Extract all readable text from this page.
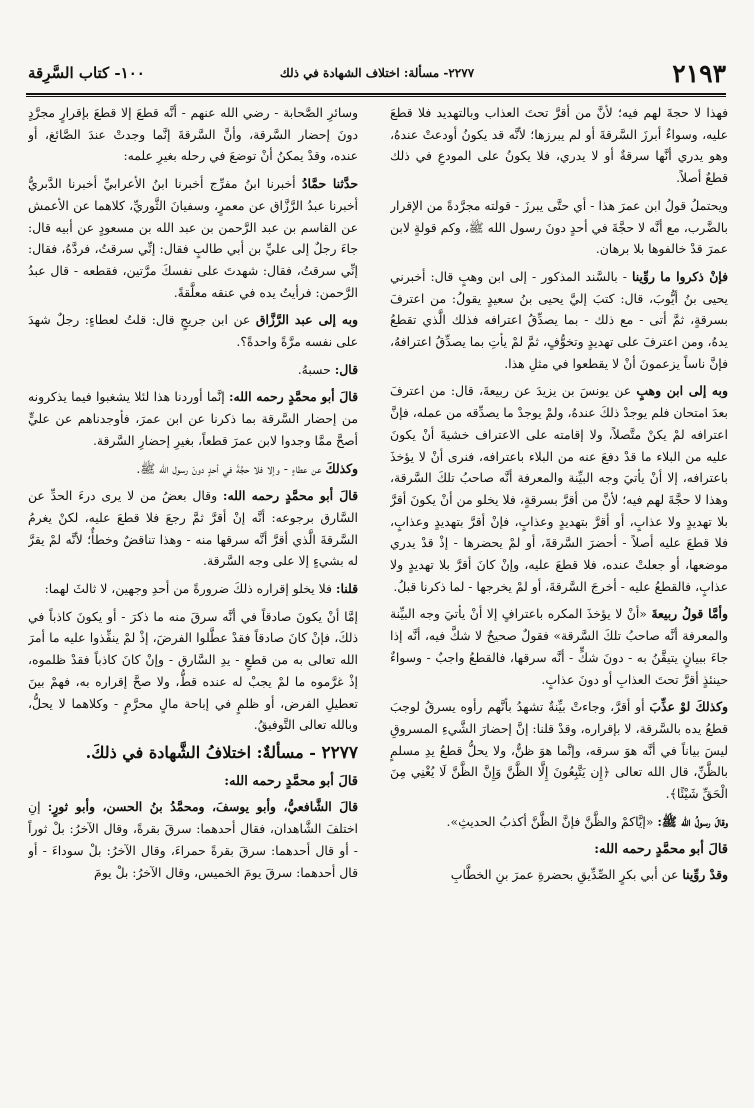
٢١٩٣
٢٢٧٧- مسألة: اختلاف الشهادة في ذلك
١٠٠- كتاب السَّرِقة

فهذا لا حجةَ لهم فيه؛ لأنَّ من أقرَّ تحتَ العذاب وبالتهديد فلا قطعَ عليه، وسواءٌ أبرزَ السَّرقةَ أو لم يبرزها؛ لأنَّه قد يكونُ أودعتْ عندهُ، وهو يدري أنَّها سرقةٌ أو لا يدري، فلا يكونُ على المودعِ في ذلك قطعٌ أصلاً.

ويحتملُ قولُ ابن عمرَ هذا - أي حتَّى يبرزَ - قولته مجرَّدةً من الإقرار بالضَّرب، مع أنَّه لا حجَّةَ في أحدٍ دونَ رسول الله ﷺ، وكم قولةٍ لابن عمرَ قدْ خالفوها بلا برهان.

فإنْ ذكروا ما روِّينا - بالسَّند المذكور - إلى ابن وهبٍ قال: أخبرني يحيى بنُ أيُّوبَ، قال: كتبَ إليَّ يحيى بنُ سعيدٍ يقولُ: من اعترفَ بسرقةٍ، ثمَّ أتى - مع ذلك - بما يصدِّقُ اعترافه فذلك الَّذي تقطعُ يدهُ، ومن اعترفَ على تهديدٍ وتخوُّفٍ، ثمَّ لمْ يأتِ بما يصدِّقُ اعترافهُ، فإنَّ ناساً يزعمونَ أنْ لا يقطعوا في مثلِ هذا.

وبه إلى ابن وهبٍ عن يونسَ بن يزيدَ عن ربيعةَ، قال: من اعترفَ بعدَ امتحان فلم يوجدْ ذلكَ عندهُ، ولمْ يوجدْ ما يصدِّقه من عمله، فإنَّ اعترافه لمْ يكنْ متَّصلاً، ولا إقامته على الاعتراف خشيةَ أنْ يكونَ عليه من البلاء ما قدْ دفعَ عنه من البلاء باعترافه، فنرى أنْ لا يؤخذَ باعترافه، إلا أنْ يأتيَ وجه البيِّنة والمعرفة أنَّه صاحبُ تلكَ السَّرقة، وهذا لا حجَّةَ لهم فيه؛ لأنَّ من أقرَّ بسرقةٍ، فلا يخلو من أنْ يكونَ أقرَّ بلا تهديدٍ ولا عذابٍ، أو أقرَّ بتهديدٍ وعذابٍ، فإنْ أقرَّ بتهديدٍ وعذابٍ، فلا قطعَ عليه أصلاً - أحضرَ السَّرقةَ، أو لمْ يحضرها - إذْ قدْ يدري موضعها، أو جعلتْ عنده، فلا قطعَ عليه، وإنْ كانَ أقرَّ بلا تهديدٍ ولا عذابٍ، فالقطعُ عليه - أخرجَ السَّرقةَ، أو لمْ يخرجها - لما ذكرنا قبلُ.

وأمَّا قولُ ربيعةَ «أنْ لا يؤخذَ المكره باعترافٍ إلا أنْ يأتيَ وجه البيِّنة والمعرفة أنَّه صاحبُ تلكَ السَّرقة» فقولٌ صحيحٌ لا شكَّ فيه، أنَّه إذا جاءَ ببيانٍ يتيقَّنُ به - دونَ شكٍّ - أنَّه سرقها، فالقطعُ واجبٌ - وسواءٌ حينئذٍ أقرَّ تحتَ العذابِ أو دونَ عذابٍ.

وكذلكَ لوْ عذِّبَ أو أقرَّ، وجاءتْ بيِّنةٌ تشهدُ بأنَّهم رأوه يسرقُ لوجبَ قطعُ يده بالسَّرقة، لا بإقراره، وقدْ قلنا: إنَّ إحضارَ الشَّيءِ المسروقِ ليسَ بياناً في أنَّه هوَ سرقه، وإنَّما هوَ ظنٌّ، ولا يحلُّ قطعُ يدِ مسلمٍ بالظَّنِّ، قال الله تعالى ﴿إِن يَتَّبِعُونَ إِلَّا الظَّنَّ وَإِنَّ الظَّنَّ لَا يُغْنِي مِنَ الْحَقِّ شَيْئًا﴾.

وقالَ رسولُ الله ﷺ: «إيَّاكمْ والظَّنَّ فإنَّ الظَّنَّ أكذبُ الحديثِ».

قالَ أبو محمَّدٍ رحمه الله:

وقدْ روِّينا عن أبي بكرٍ الصِّدِّيقِ بحضرةِ عمرَ بنِ الخطَّابِ

وسائرِ الصَّحابة - رضي الله عنهم - أنَّه قطعَ إلا قطعَ بإقرارٍ مجرَّدٍ دونَ إحضار السَّرقة، وأنَّ السَّرقةَ إنَّما وجدتْ عندَ الصَّائغ، أو عنده، وقدْ يمكنُ أنْ توضعَ في رحله بغيرِ علمه:

حدَّثنا حمَّادُ أخبرنا ابنُ مفرِّج أخبرنا ابنُ الأعرابيِّ أخبرنا الدَّبريُّ أخبرنا عبدُ الرَّزَّاق عن معمرٍ، وسفيانَ الثَّوريِّ، كلاهما عن الأعمش عن القاسم بن عبد الرَّحمن بن عبد الله بن مسعودٍ عن أبيه قال: جاءَ رجلٌ إلى عليِّ بن أبي طالبٍ فقال: إنِّي سرقتُ، فردَّهُ، فقال: إنِّي سرقتُ، فقال: شهدتَ على نفسكَ مرَّتين، فقطعه - قال عبدُ الرَّحمن: فرأيتُ يده في عنقه معلَّقةً.

وبه إلى عبد الرَّزَّاق عن ابن جريجٍ قال: قلتُ لعطاءٍ: رجلٌ شهدَ على نفسه مرَّةً واحدةً؟.

قال: حسبهُ.

قالَ أبو محمَّدٍ رحمه الله: إنَّما أوردنا هذا لئلا يشغبوا فيما يذكرونه من إحضار السَّرقة بما ذكرنا عن ابن عمرَ، فأوجدناهم عن عليٍّ أصحَّ ممَّا وجدوا لابن عمرَ قطعاً، بغيرِ إحضارِ السَّرقة.

وكذلكَ عن عطاءٍ - وإلا فلا حجَّةَ في أحدٍ دونَ رسول الله ﷺ.

قالَ أبو محمَّدٍ رحمه الله: وقال بعضُ من لا يرى درءَ الحدِّ عن السَّارق برجوعه: أنَّه إنْ أقرَّ ثمَّ رجعَ فلا قطعَ عليه، لكنْ يغرمُ السَّرقةَ الَّذي أقرَّ أنَّه سرقها منه - وهذا تناقضٌ وخطأٌ؛ لأنَّه لمْ يقرَّ له بشيءٍ إلا على وجه السَّرقة.

قلنا: فلا يخلو إقراره ذلكَ ضرورةً من أحدِ وجهين، لا ثالثَ لهما:

إمَّا أنْ يكونَ صادقاً في أنَّه سرقَ منه ما ذكرَ - أو يكونَ كاذباً في ذلكَ، فإنْ كانَ صادقاً فقدْ عطَّلوا الفرضَ، إذْ لمْ ينفِّذوا عليه ما أمرَ الله تعالى به من قطعٍ - يدِ السَّارق - وإنْ كانَ كاذباً فقدْ ظلموه، إذْ غرَّموه ما لمْ يجبْ له عنده قطُّ، ولا صحَّ إقراره به، فهمْ بينَ تعطيلِ الفرض، أو ظلمٍ في إباحة مالٍ محرَّمٍ - وكلاهما لا يحلُّ، وبالله تعالى التَّوفيقُ.

٢٢٧٧ - مسألةٌ: اختلافُ الشَّهادة في ذلكَ.
قالَ أبو محمَّدٍ رحمه الله:

قالَ الشَّافعيُّ، وأبو يوسفَ، ومحمَّدُ بنُ الحسن، وأبو ثورٍ: إنِ اختلفَ الشَّاهدان، فقال أحدهما: سرقَ بقرةً، وقال الآخرُ: بلْ ثوراً - أو قال أحدهما: سرقَ بقرةً حمراءَ، وقال الآخرُ: بلْ سوداءَ - أو قال أحدهما: سرقَ يومَ الخميس، وقال الآخرُ: بلْ يومَ
